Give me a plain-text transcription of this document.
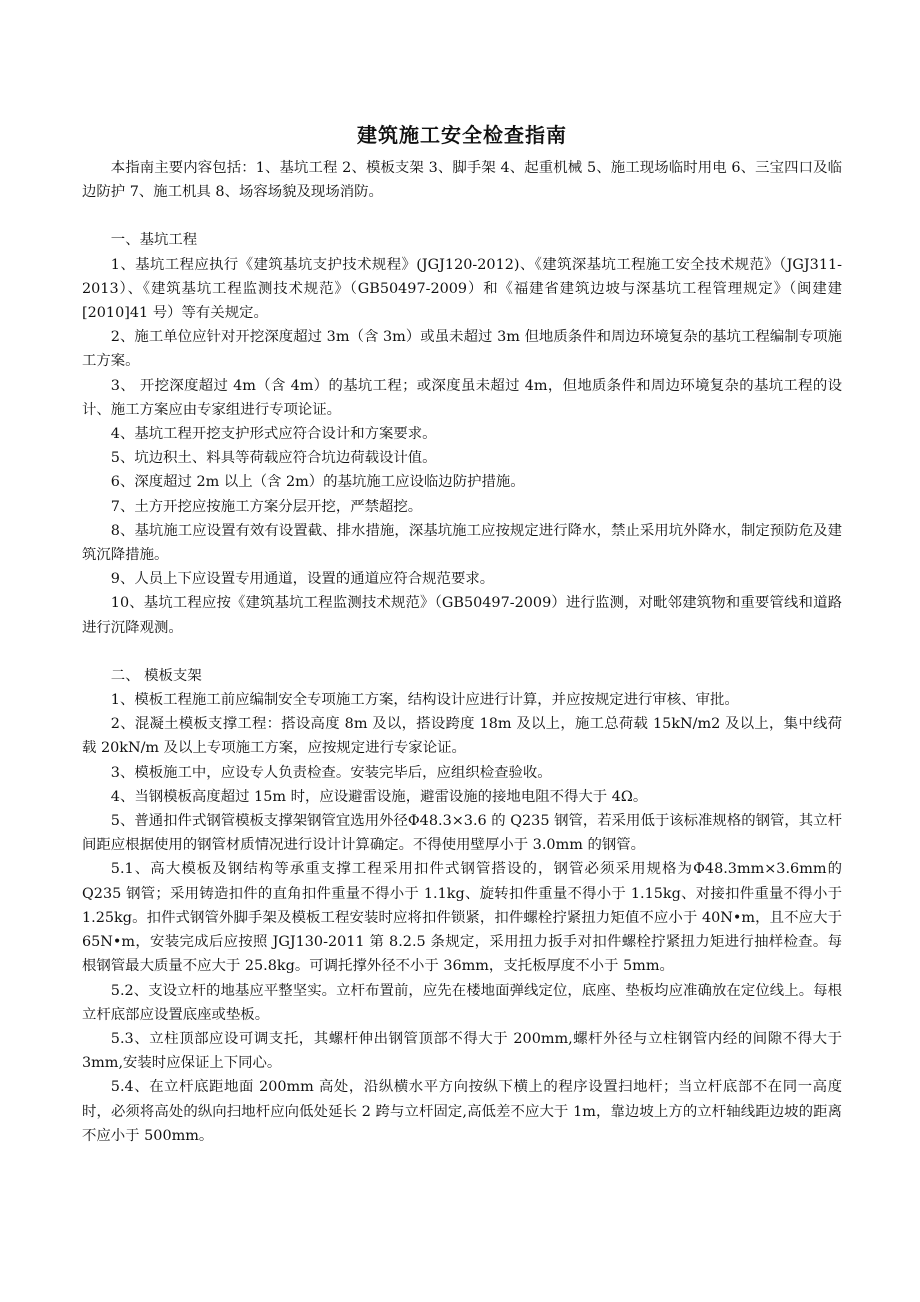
建筑施工安全检查指南

本指南主要内容包括：1、基坑工程 2、模板支架 3、脚手架 4、起重机械 5、施工现场临时用电 6、三宝四口及临边防护 7、施工机具 8、场容场貌及现场消防。

一、基坑工程

1、基坑工程应执行《建筑基坑支护技术规程》(JGJ120-2012)、《建筑深基坑工程施工安全技术规范》（JGJ311-2013）、《建筑基坑工程监测技术规范》（GB50497-2009）和《福建省建筑边坡与深基坑工程管理规定》（闽建建[2010]41 号）等有关规定。

2、施工单位应针对开挖深度超过 3m（含 3m）或虽未超过 3m 但地质条件和周边环境复杂的基坑工程编制专项施工方案。

3、 开挖深度超过 4m（含 4m）的基坑工程；或深度虽未超过 4m，但地质条件和周边环境复杂的基坑工程的设计、施工方案应由专家组进行专项论证。

4、基坑工程开挖支护形式应符合设计和方案要求。

5、坑边积土、料具等荷载应符合坑边荷载设计值。

6、深度超过 2m 以上（含 2m）的基坑施工应设临边防护措施。

7、土方开挖应按施工方案分层开挖，严禁超挖。

8、基坑施工应设置有效有设置截、排水措施，深基坑施工应按规定进行降水，禁止采用坑外降水，制定预防危及建筑沉降措施。

9、人员上下应设置专用通道，设置的通道应符合规范要求。

10、基坑工程应按《建筑基坑工程监测技术规范》（GB50497-2009）进行监测，对毗邻建筑物和重要管线和道路进行沉降观测。

二、 模板支架

1、模板工程施工前应编制安全专项施工方案，结构设计应进行计算，并应按规定进行审核、审批。

2、混凝土模板支撑工程：搭设高度 8m 及以，搭设跨度 18m 及以上，施工总荷载 15kN/m2 及以上，集中线荷载 20kN/m 及以上专项施工方案，应按规定进行专家论证。

3、模板施工中，应设专人负责检查。安装完毕后，应组织检查验收。

4、当钢模板高度超过 15m 时，应设避雷设施，避雷设施的接地电阻不得大于 4Ω。

5、普通扣件式钢管模板支撑架钢管宜选用外径Φ48.3×3.6 的 Q235 钢管，若采用低于该标准规格的钢管，其立杆间距应根据使用的钢管材质情况进行设计计算确定。不得使用壁厚小于 3.0mm 的钢管。

5.1、高大模板及钢结构等承重支撑工程采用扣件式钢管搭设的，钢管必须采用规格为Φ48.3mm×3.6mm的 Q235 钢管；采用铸造扣件的直角扣件重量不得小于 1.1kg、旋转扣件重量不得小于 1.15kg、对接扣件重量不得小于 1.25kg。扣件式钢管外脚手架及模板工程安装时应将扣件锁紧，扣件螺栓拧紧扭力矩值不应小于 40N•m，且不应大于 65N•m，安装完成后应按照 JGJ130-2011 第 8.2.5 条规定，采用扭力扳手对扣件螺栓拧紧扭力矩进行抽样检查。每根钢管最大质量不应大于 25.8kg。可调托撑外径不小于 36mm，支托板厚度不小于 5mm。

5.2、支设立杆的地基应平整坚实。立杆布置前，应先在楼地面弹线定位，底座、垫板均应准确放在定位线上。每根立杆底部应设置底座或垫板。

5.3、立柱顶部应设可调支托，其螺杆伸出钢管顶部不得大于 200mm,螺杆外径与立柱钢管内经的间隙不得大于 3mm,安装时应保证上下同心。

5.4、在立杆底距地面 200mm 高处，沿纵横水平方向按纵下横上的程序设置扫地杆；当立杆底部不在同一高度时，必须将高处的纵向扫地杆应向低处延长 2 跨与立杆固定,高低差不应大于 1m，靠边坡上方的立杆轴线距边坡的距离不应小于 500mm。
